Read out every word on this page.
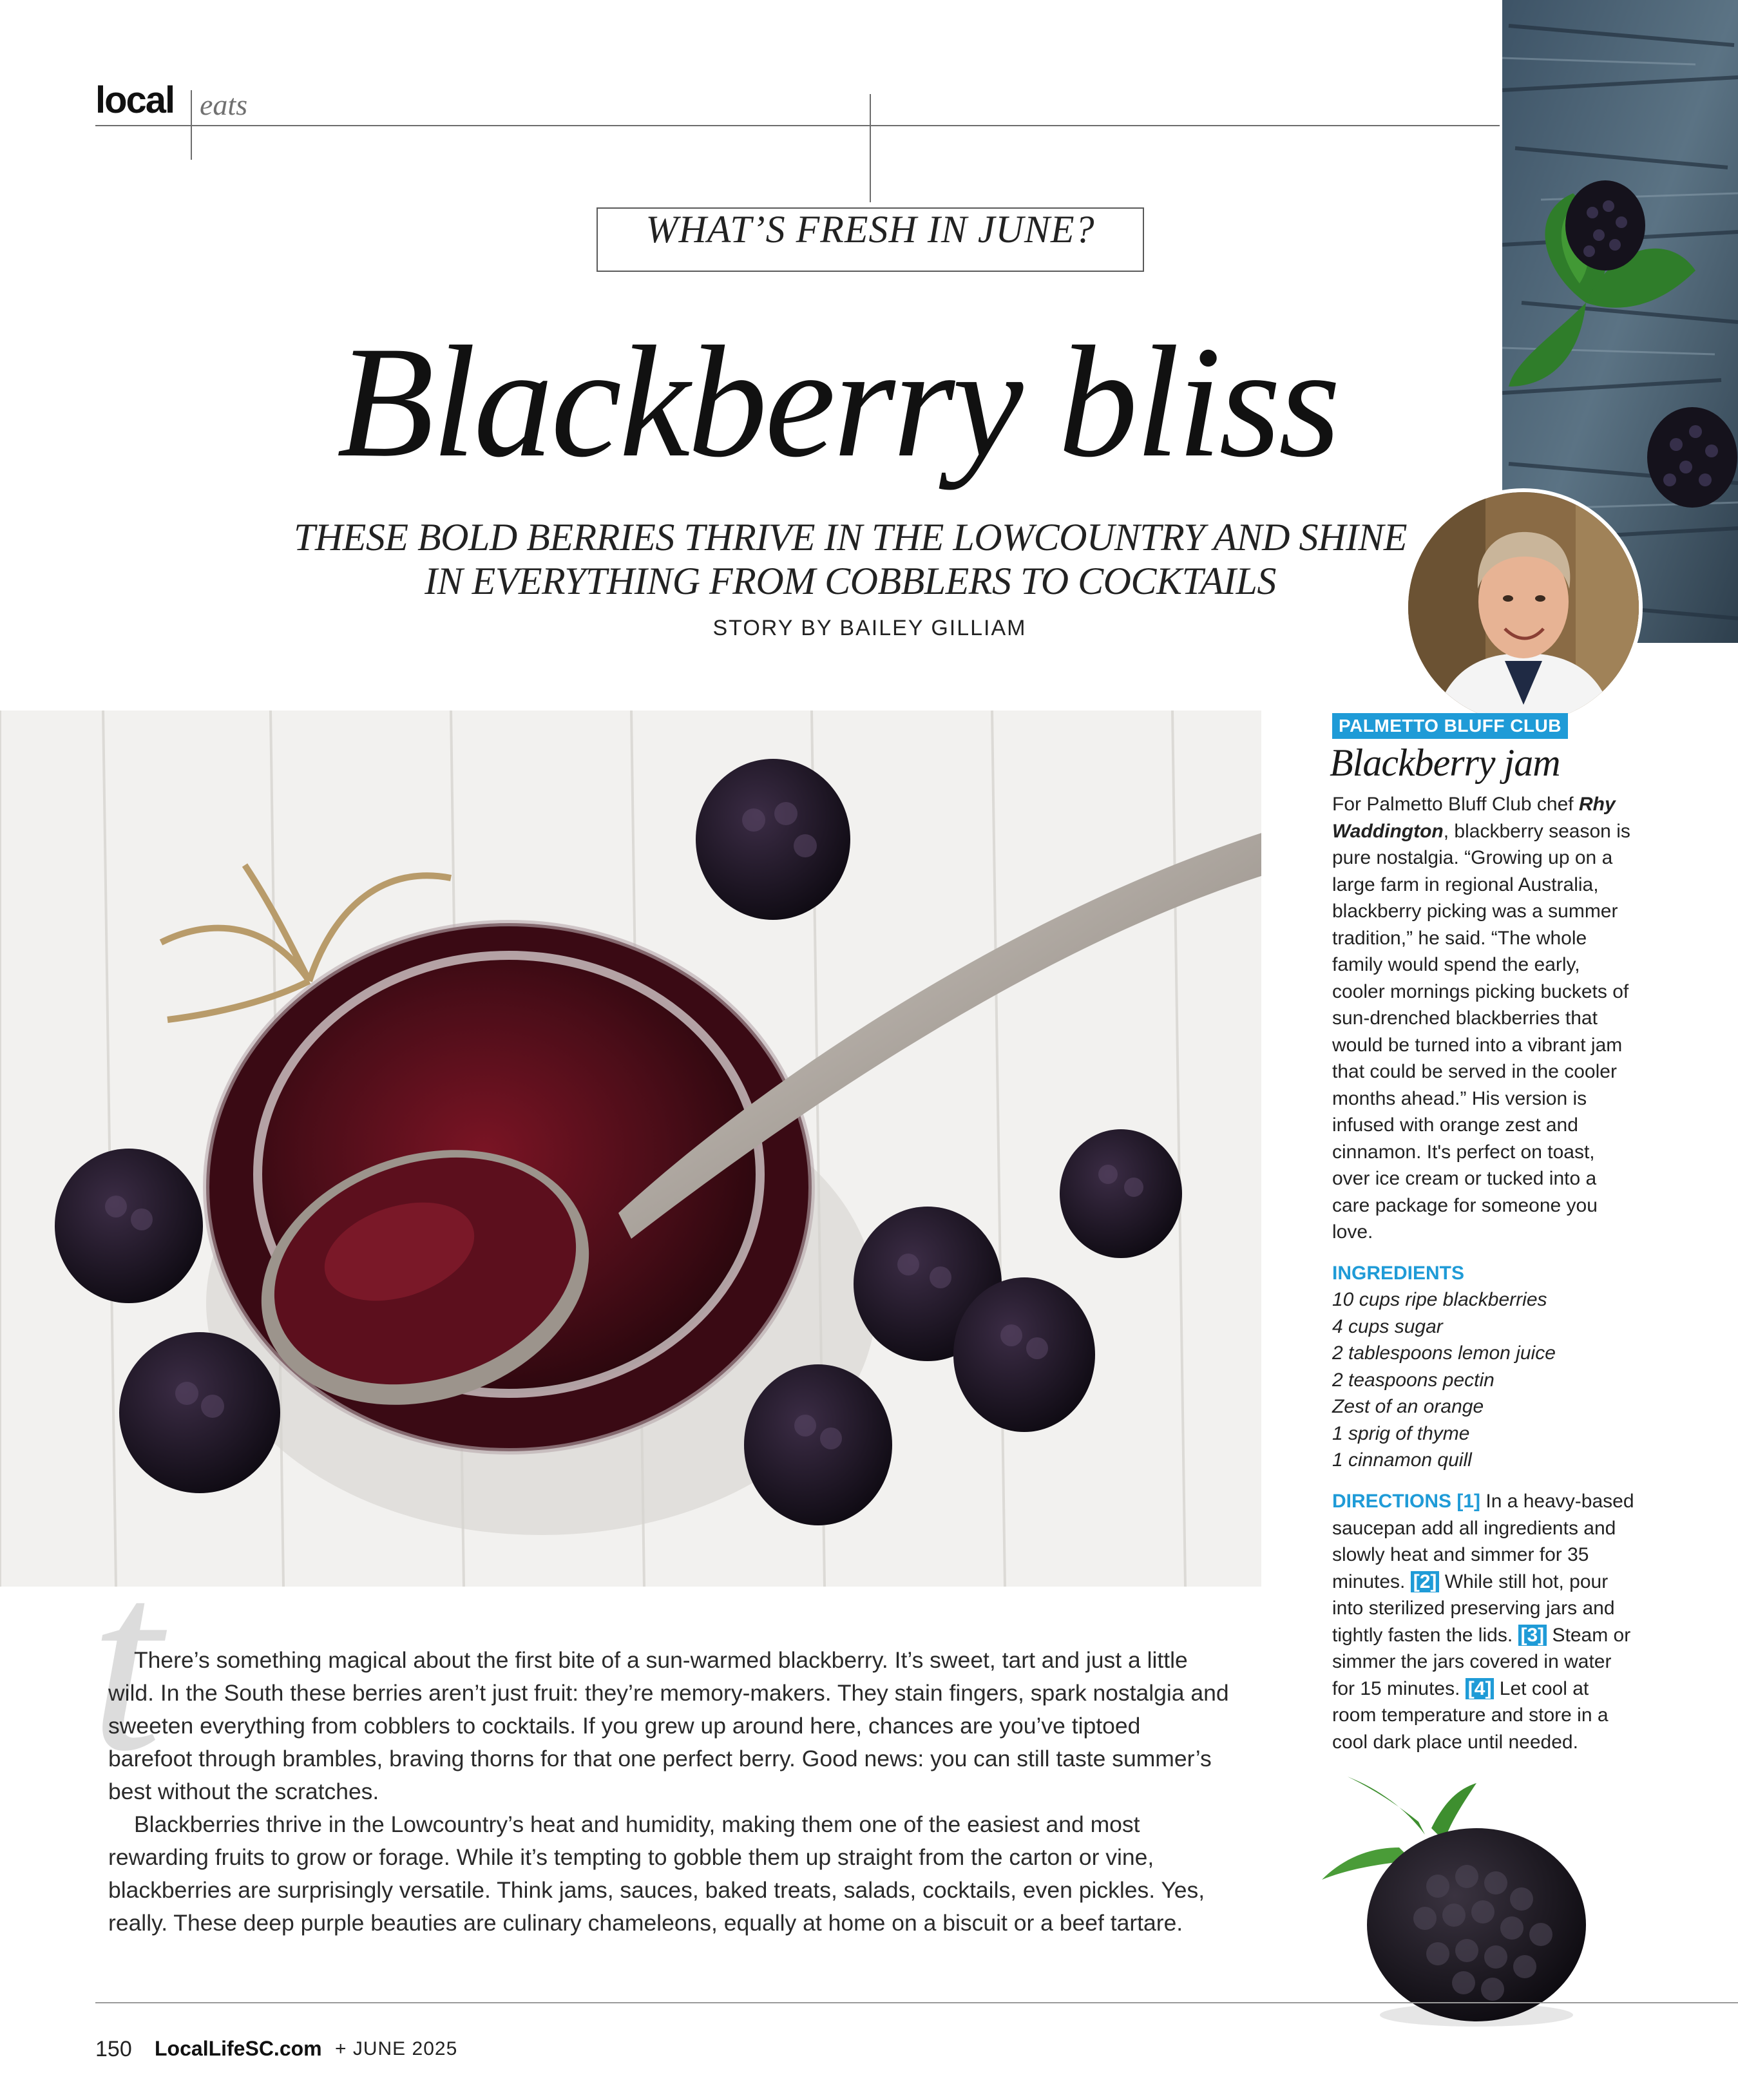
local eats
WHAT’S FRESH IN JUNE?
Blackberry bliss
THESE BOLD BERRIES THRIVE IN THE LOWCOUNTRY AND SHINE
IN EVERYTHING FROM COBBLERS TO COCKTAILS
STORY BY BAILEY GILLIAM
PALMETTO BLUFF CLUB
Blackberry jam
For Palmetto Bluff Club chef Rhy Waddington, blackberry season is pure nostalgia. “Growing up on a large farm in regional Australia, blackberry picking was a summer tradition,” he said. “The whole family would spend the early, cooler mornings picking buckets of sun-drenched blackberries that would be turned into a vibrant jam that could be served in the cooler months ahead.” His version is infused with orange zest and cinnamon. It's perfect on toast, over ice cream or tucked into a care package for someone you love.
INGREDIENTS
10 cups ripe blackberries
4 cups sugar
2 tablespoons lemon juice
2 teaspoons pectin
Zest of an orange
1 sprig of thyme
1 cinnamon quill
DIRECTIONS [1] In a heavy-based saucepan add all ingredients and slowly heat and simmer for 35 minutes. [2] While still hot, pour into sterilized preserving jars and tightly fasten the lids. [3] Steam or simmer the jars covered in water for 15 minutes. [4] Let cool at room temperature and store in a cool dark place until needed.
t

There’s something magical about the first bite of a sun-warmed blackberry. It’s sweet, tart and just a little wild. In the South these berries aren’t just fruit: they’re memory-makers. They stain fingers, spark nostalgia and sweeten everything from cobblers to cocktails. If you grew up around here, chances are you’ve tiptoed barefoot through brambles, braving thorns for that one perfect berry. Good news: you can still taste summer’s best without the scratches.

Blackberries thrive in the Lowcountry’s heat and humidity, making them one of the easiest and most rewarding fruits to grow or forage. While it’s tempting to gobble them up straight from the carton or vine, blackberries are surprisingly versatile. Think jams, sauces, baked treats, salads, cocktails, even pickles. Yes, really. These deep purple beauties are culinary chameleons, equally at home on a biscuit or a beef tartare.

150 LocalLifeSC.com + JUNE 2025
